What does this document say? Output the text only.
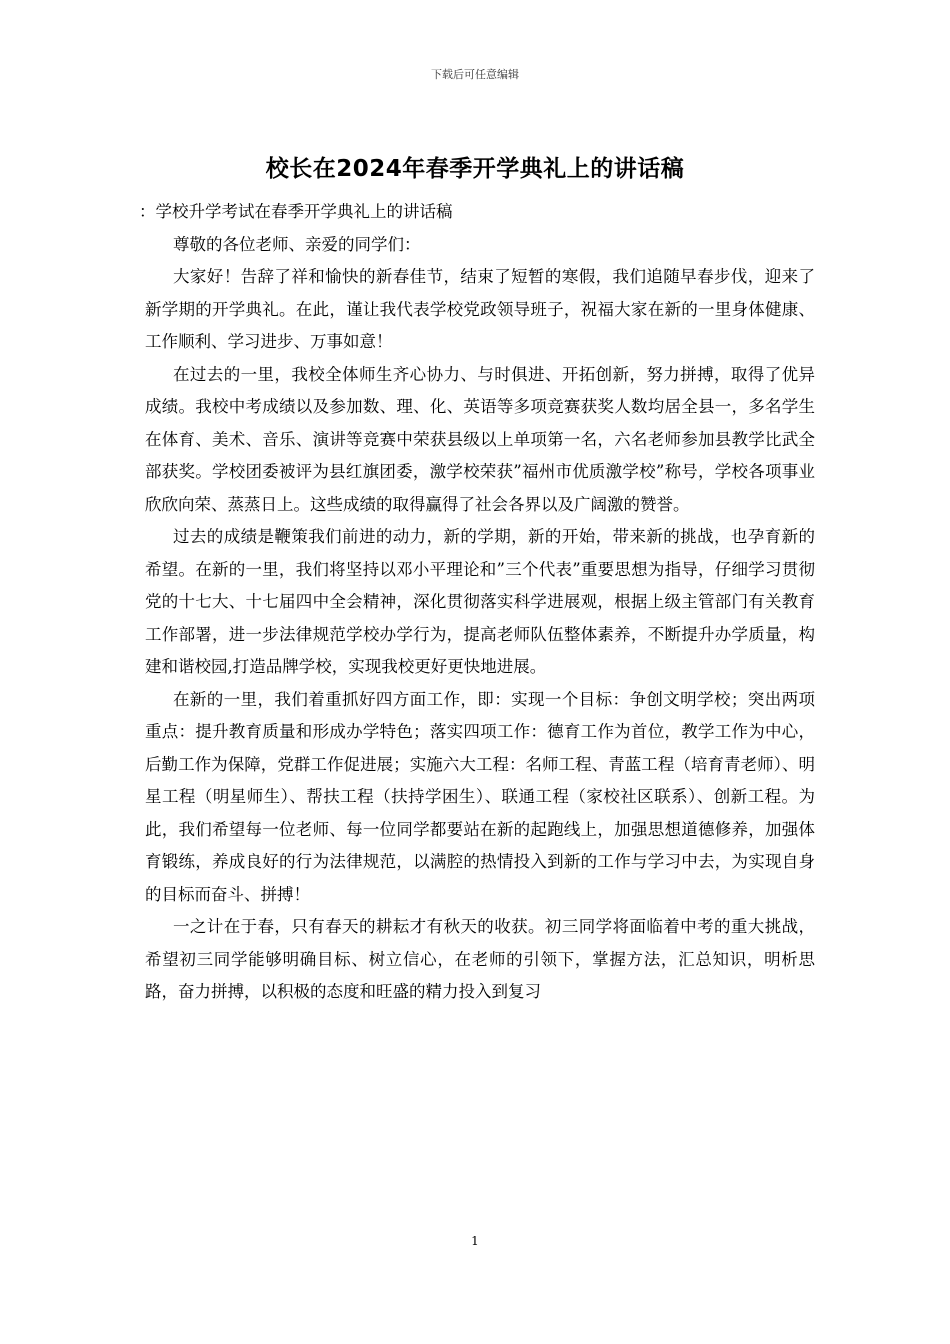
下载后可任意编辑
校长在2024年春季开学典礼上的讲话稿

：学校升学考试在春季开学典礼上的讲话稿

尊敬的各位老师、亲爱的同学们：

大家好！告辞了祥和愉快的新春佳节，结束了短暂的寒假，我们追随早春步伐，迎来了新学期的开学典礼。在此，谨让我代表学校党政领导班子，祝福大家在新的一里身体健康、工作顺利、学习进步、万事如意！

在过去的一里，我校全体师生齐心协力、与时俱进、开拓创新，努力拼搏，取得了优异成绩。我校中考成绩以及参加数、理、化、英语等多项竞赛获奖人数均居全县一，多名学生在体育、美术、音乐、演讲等竞赛中荣获县级以上单项第一名，六名老师参加县教学比武全部获奖。学校团委被评为县红旗团委，激学校荣获”福州市优质激学校”称号，学校各项事业欣欣向荣、蒸蒸日上。这些成绩的取得赢得了社会各界以及广阔激的赞誉。

过去的成绩是鞭策我们前进的动力，新的学期，新的开始，带来新的挑战，也孕育新的希望。在新的一里，我们将坚持以邓小平理论和”三个代表”重要思想为指导，仔细学习贯彻党的十七大、十七届四中全会精神，深化贯彻落实科学进展观，根据上级主管部门有关教育工作部署，进一步法律规范学校办学行为，提高老师队伍整体素养，不断提升办学质量，构建和谐校园,打造品牌学校，实现我校更好更快地进展。

在新的一里，我们着重抓好四方面工作，即：实现一个目标：争创文明学校；突出两项重点：提升教育质量和形成办学特色；落实四项工作：德育工作为首位，教学工作为中心，后勤工作为保障，党群工作促进展；实施六大工程：名师工程、青蓝工程（培育青老师）、明星工程（明星师生）、帮扶工程（扶持学困生）、联通工程（家校社区联系）、创新工程。为此，我们希望每一位老师、每一位同学都要站在新的起跑线上，加强思想道德修养，加强体育锻练，养成良好的行为法律规范，以满腔的热情投入到新的工作与学习中去，为实现自身的目标而奋斗、拼搏！

一之计在于春，只有春天的耕耘才有秋天的收获。初三同学将面临着中考的重大挑战，希望初三同学能够明确目标、树立信心，在老师的引领下，掌握方法，汇总知识，明析思路，奋力拼搏，以积极的态度和旺盛的精力投入到复习

1
